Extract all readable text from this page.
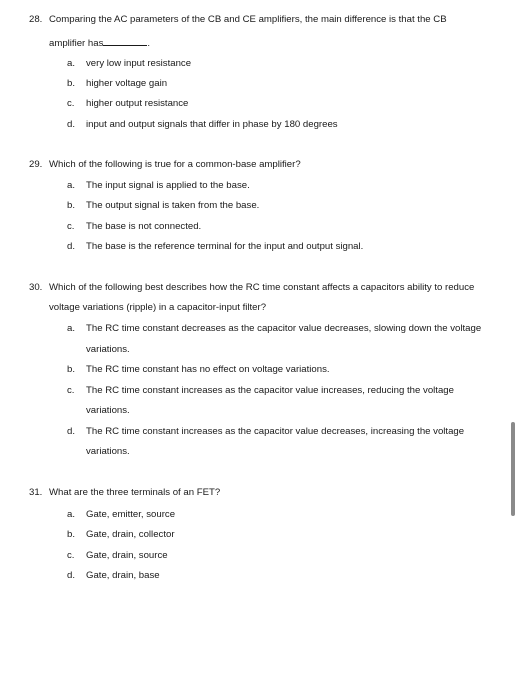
28. Comparing the AC parameters of the CB and CE amplifiers, the main difference is that the CB
amplifier has	.
a. very low input resistance
b. higher voltage gain
c. higher output resistance
d. input and output signals that differ in phase by 180 degrees
29. Which of the following is true for a common-base amplifier?
a. The input signal is applied to the base.
b. The output signal is taken from the base.
c. The base is not connected.
d. The base is the reference terminal for the input and output signal.
30. Which of the following best describes how the RC time constant affects a capacitors ability to reduce
voltage variations (ripple) in a capacitor-input filter?
a. The RC time constant decreases as the capacitor value decreases, slowing down the voltage
variations.
b. The RC time constant has no effect on voltage variations.
c. The RC time constant increases as the capacitor value increases, reducing the voltage
variations.
d. The RC time constant increases as the capacitor value decreases, increasing the voltage
variations.
31. What are the three terminals of an FET?
a. Gate, emitter, source
b. Gate, drain, collector
c. Gate, drain, source
d. Gate, drain, base
